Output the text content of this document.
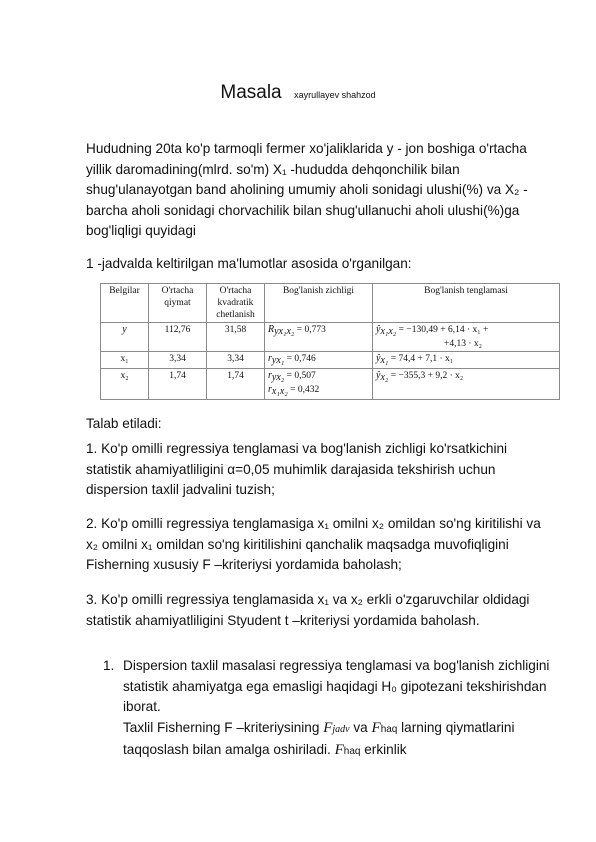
Masala xayrullayev shahzod

Hududning 20ta ko'p tarmoqli fermer xo'jaliklarida y - jon boshiga o'rtacha yillik daromadining(mlrd. so'm) X₁ -hududda dehqonchilik bilan shug'ulanayotgan band aholining umumiy aholi sonidagi ulushi(%) va X₂ - barcha aholi sonidagi chorvachilik bilan shug'ullanuchi aholi ulushi(%)ga bog'liqligi quyidagi

1 -jadvalda keltirilgan ma'lumotlar asosida o'rganilgan:

Belgilar	O'rtacha qiymat	O'rtacha kvadratik chetlanish	Bog'lanish zichligi	Bog'lanish tenglamasi
y	112,76	31,58	Ryx₁x₂ = 0,773	ŷx₁x₂ = −130,49 + 6,14 · x₁ +
+4,13 · x₂
x₁	3,34	3,34	ryx₁ = 0,746	ŷx₁ = 74,4 + 7,1 · x₁
x₂	1,74	1,74	ryx₂ = 0,507
rx₁x₂ = 0,432	ŷx₂ = −355,3 + 9,2 · x₂

Talab etiladi:

1. Ko'p omilli regressiya tenglamasi va bog'lanish zichligi ko'rsatkichini statistik ahamiyatliligini α=0,05 muhimlik darajasida tekshirish uchun dispersion taxlil jadvalini tuzish;

2. Ko'p omilli regressiya tenglamasiga x₁ omilni x₂ omildan so'ng kiritilishi va x₂ omilni x₁ omildan so'ng kiritilishini qanchalik maqsadga muvofiqligini Fisherning xususiy F –kriteriysi yordamida baholash;

3. Ko'p omilli regressiya tenglamasida x₁ va x₂ erkli o'zgaruvchilar oldidagi statistik ahamiyatliligini Styudent t –kriteriysi yordamida baholash.

1. Dispersion taxlil masalasi regressiya tenglamasi va bog'lanish zichligini statistik ahamiyatga ega emasligi haqidagi H₀ gipotezani tekshirishdan iborat.
Taxlil Fisherning F –kriteriysining Fjadv va Fhaq larning qiymatlarini taqqoslash bilan amalga oshiriladi. Fhaq erkinlik
